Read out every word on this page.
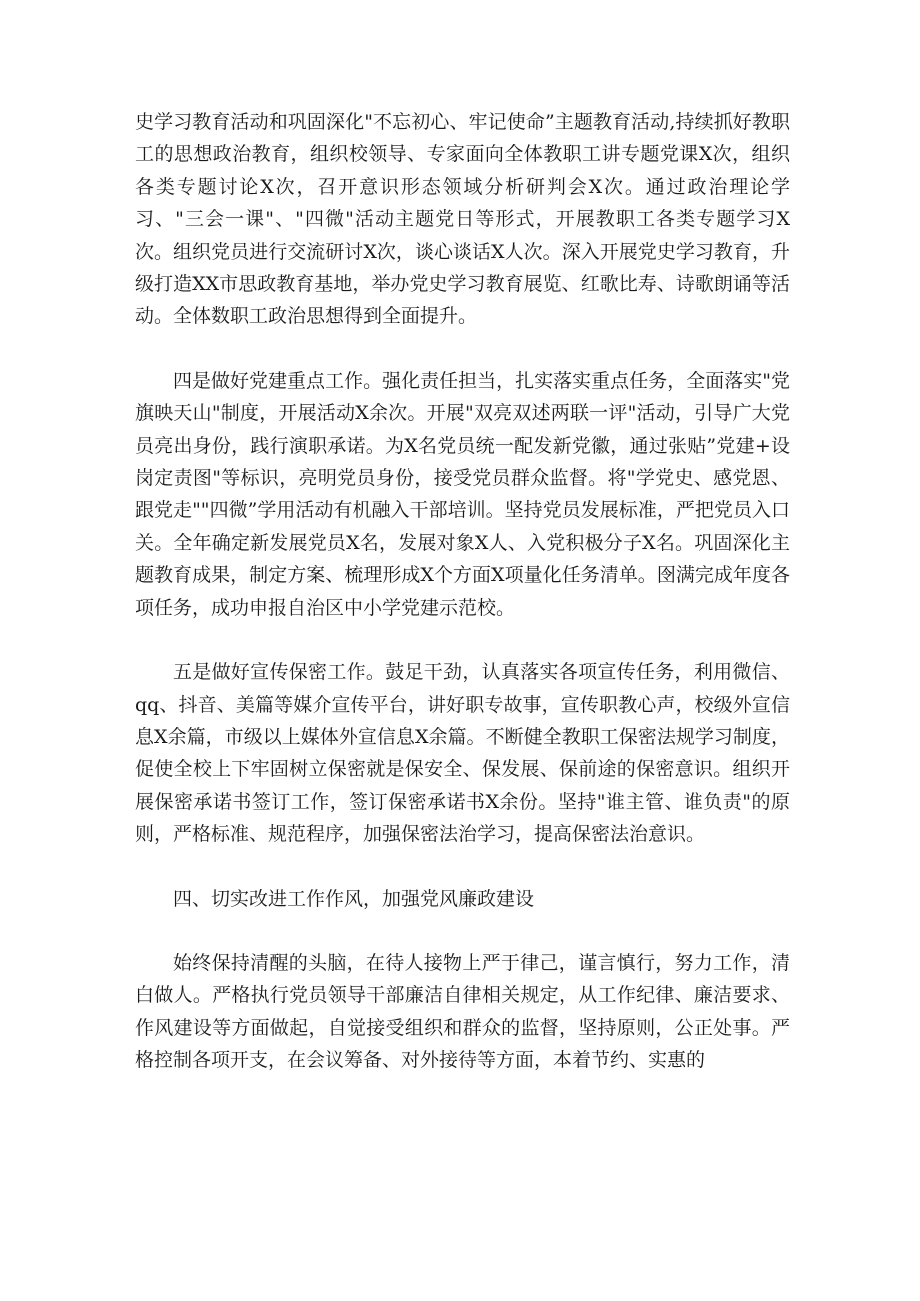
史学习教育活动和巩固深化"不忘初心、牢记使命”主题教育活动,持续抓好教职工的思想政治教育，组织校领导、专家面向全体教职工讲专题党课X次，组织各类专题讨论X次，召开意识形态领域分析研判会X次。通过政治理论学习、"三会一课"、"四微"活动主题党日等形式，开展教职工各类专题学习X次。组织党员进行交流研讨X次，谈心谈话X人次。深入开展党史学习教育，升级打造XX市思政教育基地，举办党史学习教育展览、红歌比寿、诗歌朗诵等活动。全体数职工政治思想得到全面提升。

四是做好党建重点工作。强化责任担当，扎实落实重点任务，全面落实"党旗映天山"制度，开展活动X余次。开展"双亮双述两联一评"活动，引导广大党员亮出身份，践行演职承诺。为X名党员统一配发新党徽，通过张贴”党建+设岗定责图"等标识，亮明党员身份，接受党员群众监督。将"学党史、感党恩、跟党走""四微”学用活动有机融入干部培训。坚持党员发展标准，严把党员入口关。全年确定新发展党员X名，发展对象X人、入党积极分子X名。巩固深化主题教育成果，制定方案、梳理形成X个方面X项量化任务清单。囹满完成年度各项任务，成功申报自治区中小学党建示范校。

五是做好宣传保密工作。鼓足干劲，认真落实各项宣传任务，利用微信、qq、抖音、美篇等媒介宣传平台，讲好职专故事，宣传职教心声，校级外宣信息X余篇，市级以上媒体外宣信息X余篇。不断健全教职工保密法规学习制度，促使全校上下牢固树立保密就是保安全、保发展、保前途的保密意识。组织开展保密承诺书签订工作，签订保密承诺书X余份。坚持"谁主管、谁负责"的原则，严格标准、规范程序，加强保密法治学习，提高保密法治意识。

四、切实改进工作作风，加强党风廉政建设

始终保持清醒的头脑，在待人接物上严于律己，谨言慎行，努力工作，清白做人。严格执行党员领导干部廉洁自律相关规定，从工作纪律、廉洁要求、作风建设等方面做起，自觉接受组织和群众的监督，坚持原则，公正处事。严格控制各项开支，在会议筹备、对外接待等方面，本着节约、实惠的
